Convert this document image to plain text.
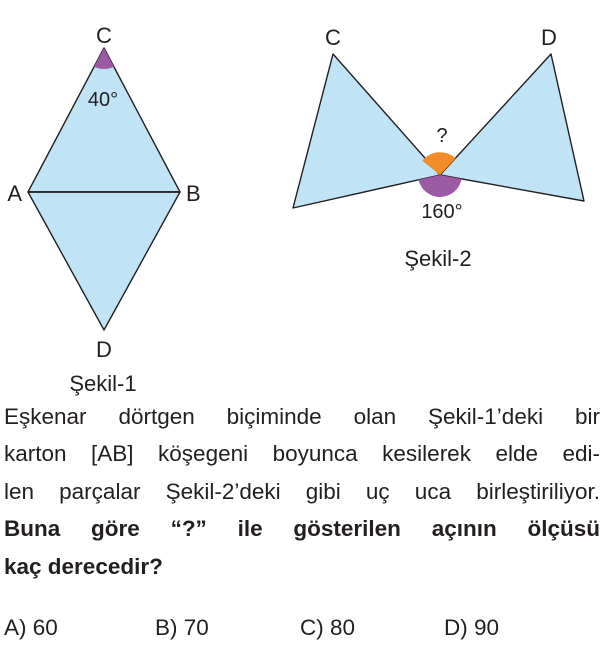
C
A	B
D
40°
Şekil-1
C	D
?
160°
Şekil-2
Eşkenar dörtgen biçiminde olan Şekil-1’deki bir
karton [AB] köşegeni boyunca kesilerek elde edi-
len parçalar Şekil-2’deki gibi uç uca birleştiriliyor.
Buna göre “?” ile gösterilen açının ölçüsü
kaç derecedir?
A) 60	B) 70	C) 80	D) 90
